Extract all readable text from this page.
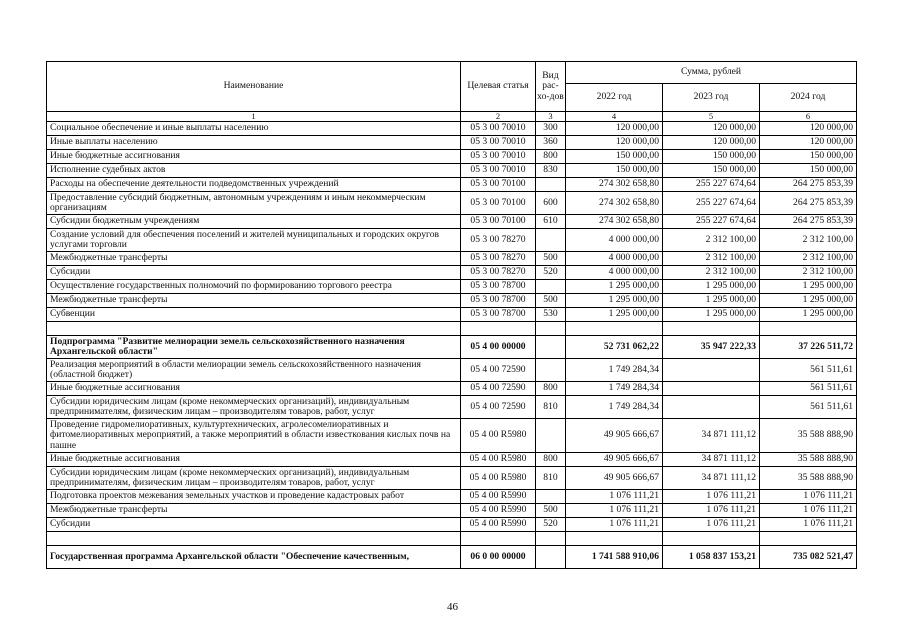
Наименование	Целевая статья	Вид рас-хо-дов	Сумма, рублей		
			2022 год	2023 год	2024 год
1	2	3	4	5	6
Социальное обеспечение и иные выплаты населению	05 3 00 70010	300	120 000,00	120 000,00	120 000,00
Иные выплаты населению	05 3 00 70010	360	120 000,00	120 000,00	120 000,00
Иные бюджетные ассигнования	05 3 00 70010	800	150 000,00	150 000,00	150 000,00
Исполнение судебных актов	05 3 00 70010	830	150 000,00	150 000,00	150 000,00
Расходы на обеспечение деятельности подведомственных учреждений	05 3 00 70100		274 302 658,80	255 227 674,64	264 275 853,39
Предоставление субсидий бюджетным, автономным учреждениям и иным некоммерческим организациям	05 3 00 70100	600	274 302 658,80	255 227 674,64	264 275 853,39
Субсидии бюджетным учреждениям	05 3 00 70100	610	274 302 658,80	255 227 674,64	264 275 853,39
Создание условий для обеспечения поселений и жителей муниципальных и городских округов услугами торговли	05 3 00 78270		4 000 000,00	2 312 100,00	2 312 100,00
Межбюджетные трансферты	05 3 00 78270	500	4 000 000,00	2 312 100,00	2 312 100,00
Субсидии	05 3 00 78270	520	4 000 000,00	2 312 100,00	2 312 100,00
Осуществление государственных полномочий по формированию торгового реестра	05 3 00 78700		1 295 000,00	1 295 000,00	1 295 000,00
Межбюджетные трансферты	05 3 00 78700	500	1 295 000,00	1 295 000,00	1 295 000,00
Субвенции	05 3 00 78700	530	1 295 000,00	1 295 000,00	1 295 000,00

Подпрограмма "Развитие мелиорации земель сельскохозяйственного назначения Архангельской области"	05 4 00 00000		52 731 062,22	35 947 222,33	37 226 511,72
Реализация мероприятий в области мелиорации земель сельскохозяйственного назначения (областной бюджет)	05 4 00 72590		1 749 284,34		561 511,61
Иные бюджетные ассигнования	05 4 00 72590	800	1 749 284,34		561 511,61
Субсидии юридическим лицам (кроме некоммерческих организаций), индивидуальным предпринимателям, физическим лицам – производителям товаров, работ, услуг	05 4 00 72590	810	1 749 284,34		561 511,61
Проведение гидромелиоративных, культуртехнических, агролесомелиоративных и фитомелиоративных мероприятий, а также мероприятий в области известкования кислых почв на пашне	05 4 00 R5980		49 905 666,67	34 871 111,12	35 588 888,90
Иные бюджетные ассигнования	05 4 00 R5980	800	49 905 666,67	34 871 111,12	35 588 888,90
Субсидии юридическим лицам (кроме некоммерческих организаций), индивидуальным предпринимателям, физическим лицам – производителям товаров, работ, услуг	05 4 00 R5980	810	49 905 666,67	34 871 111,12	35 588 888,90
Подготовка проектов межевания земельных участков и проведение кадастровых работ	05 4 00 R5990		1 076 111,21	1 076 111,21	1 076 111,21
Межбюджетные трансферты	05 4 00 R5990	500	1 076 111,21	1 076 111,21	1 076 111,21
Субсидии	05 4 00 R5990	520	1 076 111,21	1 076 111,21	1 076 111,21

Государственная программа Архангельской области "Обеспечение качественным,	06 0 00 00000		1 741 588 910,06	1 058 837 153,21	735 082 521,47
46
